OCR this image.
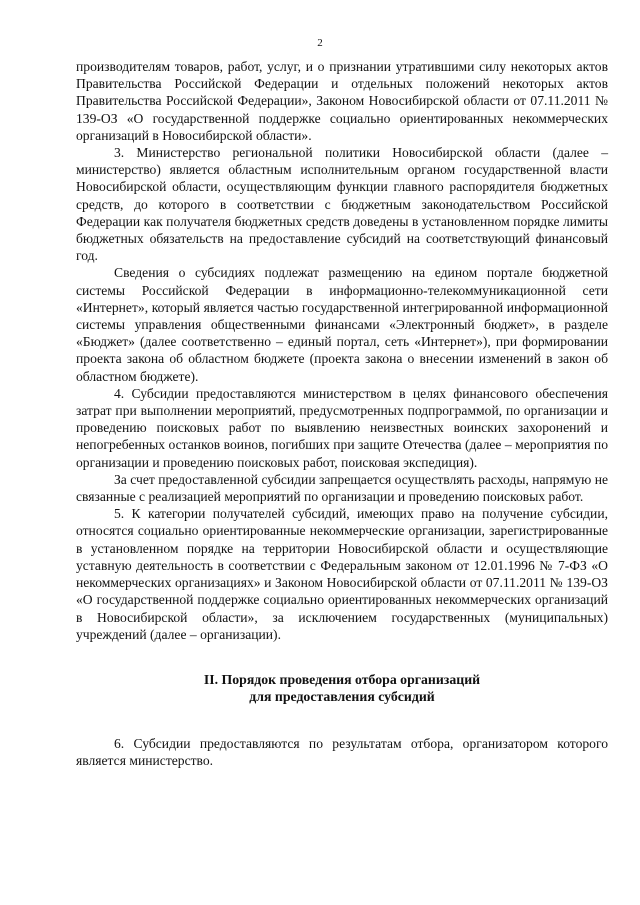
2

производителям товаров, работ, услуг, и о признании утратившими силу некоторых актов Правительства Российской Федерации и отдельных положений некоторых актов Правительства Российской Федерации», Законом Новосибирской области от 07.11.2011 № 139-ОЗ «О государственной поддержке социально ориентированных некоммерческих организаций в Новосибирской области».

3. Министерство региональной политики Новосибирской области (далее – министерство) является областным исполнительным органом государственной власти Новосибирской области, осуществляющим функции главного распорядителя бюджетных средств, до которого в соответствии с бюджетным законодательством Российской Федерации как получателя бюджетных средств доведены в установленном порядке лимиты бюджетных обязательств на предоставление субсидий на соответствующий финансовый год.

Сведения о субсидиях подлежат размещению на едином портале бюджетной системы Российской Федерации в информационно-телекоммуникационной сети «Интернет», который является частью государственной интегрированной информационной системы управления общественными финансами «Электронный бюджет», в разделе «Бюджет» (далее соответственно – единый портал, сеть «Интернет»), при формировании проекта закона об областном бюджете (проекта закона о внесении изменений в закон об областном бюджете).

4. Субсидии предоставляются министерством в целях финансового обеспечения затрат при выполнении мероприятий, предусмотренных подпрограммой, по организации и проведению поисковых работ по выявлению неизвестных воинских захоронений и непогребенных останков воинов, погибших при защите Отечества (далее – мероприятия по организации и проведению поисковых работ, поисковая экспедиция).

За счет предоставленной субсидии запрещается осуществлять расходы, напрямую не связанные с реализацией мероприятий по организации и проведению поисковых работ.

5. К категории получателей субсидий, имеющих право на получение субсидии, относятся социально ориентированные некоммерческие организации, зарегистрированные в установленном порядке на территории Новосибирской области и осуществляющие уставную деятельность в соответствии с Федеральным законом от 12.01.1996 № 7-ФЗ «О некоммерческих организациях» и Законом Новосибирской области от 07.11.2011 № 139-ОЗ «О государственной поддержке социально ориентированных некоммерческих организаций в Новосибирской области», за исключением государственных (муниципальных) учреждений (далее – организации).

II. Порядок проведения отбора организаций
для предоставления субсидий

6. Субсидии предоставляются по результатам отбора, организатором которого является министерство.
